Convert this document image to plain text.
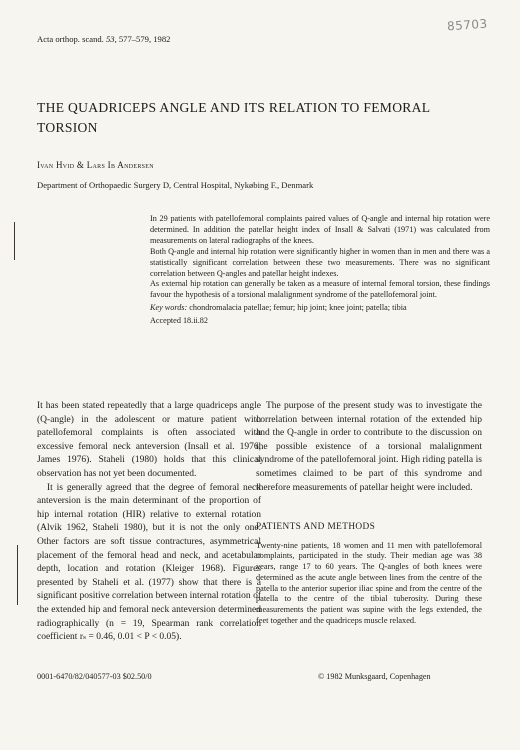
Acta orthop. scand. 53, 577–579, 1982
85703
THE QUADRICEPS ANGLE AND ITS RELATION TO FEMORAL
TORSION
Ivan Hvid & Lars Ib Andersen
Department of Orthopaedic Surgery D, Central Hospital, Nykøbing F., Denmark

In 29 patients with patellofemoral complaints paired values of Q-angle and internal hip rotation were determined. In addition the patellar height index of Insall & Salvati (1971) was calculated from measurements on lateral radiographs of the knees.

Both Q-angle and internal hip rotation were significantly higher in women than in men and there was a statistically significant correlation between these two measurements. There was no significant correlation between Q-angles and patellar height indexes.

As external hip rotation can generally be taken as a measure of internal femoral torsion, these findings favour the hypothesis of a torsional malalignment syndrome of the patellofemoral joint.

Key words: chondromalacia patellae; femur; hip joint; knee joint; patella; tibia

Accepted 18.ii.82

It has been stated repeatedly that a large quadriceps angle (Q-angle) in the adolescent or mature patient with patellofemoral complaints is often associated with excessive femoral neck anteversion (Insall et al. 1976, James 1976). Staheli (1980) holds that this clinical observation has not yet been documented.

It is generally agreed that the degree of femoral neck anteversion is the main determinant of the proportion of hip internal rotation (HIR) relative to external rotation (Alvik 1962, Staheli 1980), but it is not the only one. Other factors are soft tissue contractures, asymmetrical placement of the femoral head and neck, and acetabular depth, location and rotation (Kleiger 1968). Figures presented by Staheli et al. (1977) show that there is a significant positive correlation between internal rotation of the extended hip and femoral neck anteversion determined radiographically (n = 19, Spearman rank correlation coefficient rₛ = 0.46, 0.01 < P < 0.05).

The purpose of the present study was to investigate the correlation between internal rotation of the extended hip and the Q-angle in order to contribute to the discussion on the possible existence of a torsional malalignment syndrome of the patellofemoral joint. High riding patella is sometimes claimed to be part of this syndrome and therefore measurements of patellar height were included.

PATIENTS AND METHODS

Twenty-nine patients, 18 women and 11 men with patellofemoral complaints, participated in the study. Their median age was 38 years, range 17 to 60 years. The Q-angles of both knees were determined as the acute angle between lines from the centre of the patella to the anterior superior iliac spine and from the centre of the patella to the centre of the tibial tuberosity. During these measurements the patient was supine with the legs extended, the feet together and the quadriceps muscle relaxed.

0001-6470/82/040577-03 $02.50/0	© 1982 Munksgaard, Copenhagen
